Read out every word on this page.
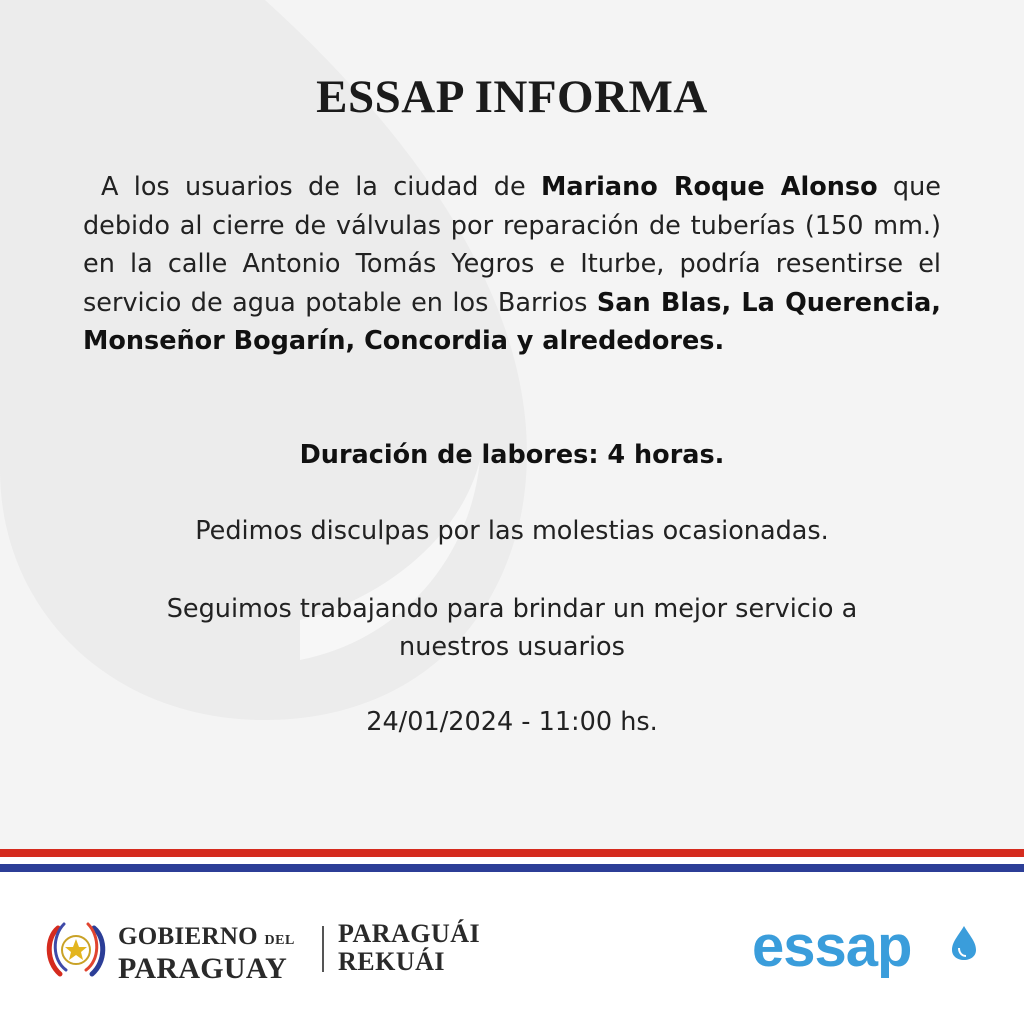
ESSAP INFORMA

A los usuarios de la ciudad de Mariano Roque Alonso que debido al cierre de válvulas por reparación de tuberías (150 mm.) en la calle Antonio Tomás Yegros e Iturbe, podría resentirse el servicio de agua potable en los Barrios San Blas, La Querencia, Monseñor Bogarín, Concordia y alrededores.

Duración de labores: 4 horas.
Pedimos disculpas por las molestias ocasionadas.
Seguimos trabajando para brindar un mejor servicio a
nuestros usuarios
24/01/2024 - 11:00 hs.
GOBIERNO DEL
PARAGUAY
PARAGUÁI
REKUÁI	essap
